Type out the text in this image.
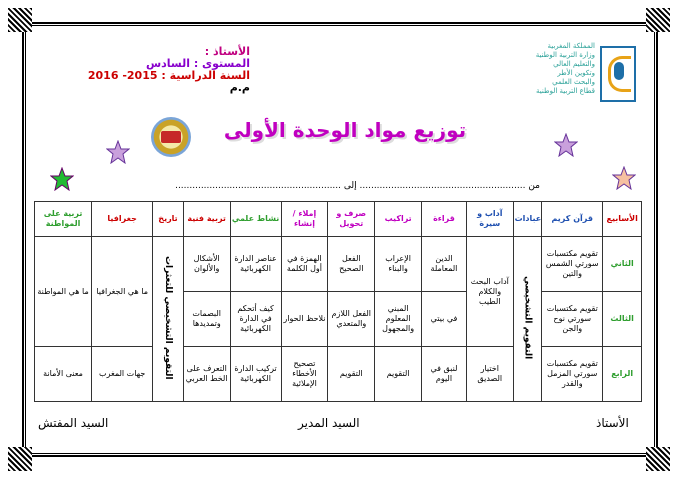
الأستاذ :
المستوى : السادس
السنة الدراسية : 2015- 2016
م.م
المملكة المغربية
وزارة التربية الوطنية
والتعليم العالي
وتكوين الأطر
والبحث العلمي
قطاع التربية الوطنية
توزيع مواد الوحدة الأولى
من .......................................................... إلى ..........................................................
الأسابيع	قرآن كريم	عبادات	آداب و سيرة	قراءة	تراكيب	صرف و تحويل	إملاء / إنشاء	نشاط علمي	تربية فنية	تاريخ	جغرافيا	تربية على المواطنة
الثاني	تقويم مكتسبات سورتي الشمس والتين	التقويم التشخيصي	آداب البحث والكلام الطيب	الدين المعاملة	الإعراب والبناء	الفعل الصحيح	الهمزة في أول الكلمة	عناصر الدارة الكهربائية	الأشكال والألوان	التقويم التشخيصي للتعثرات	ما هي الجغرافيا	ما هي المواطنة
الثالث	تقويم مكتسبات سورتي نوح والجن			في بيتي	المبني المعلوم والمجهول	الفعل اللازم والمتعدي	نلاحظ الحوار	كيف أتحكم في الدارة الكهربائية	البصمات وتمديدها			
الرابع	تقويم مكتسبات سورتي المزمل والقدر		اختيار الصديق	لنبق في اليوم	التقويم	التقويم	تصحيح الأخطاء الإملائية	تركيب الدارة الكهربائية	التعرف على الخط العربي		جهات المغرب	معنى الأمانة
الأستاذ
السيد المدير
السيد المفتش
